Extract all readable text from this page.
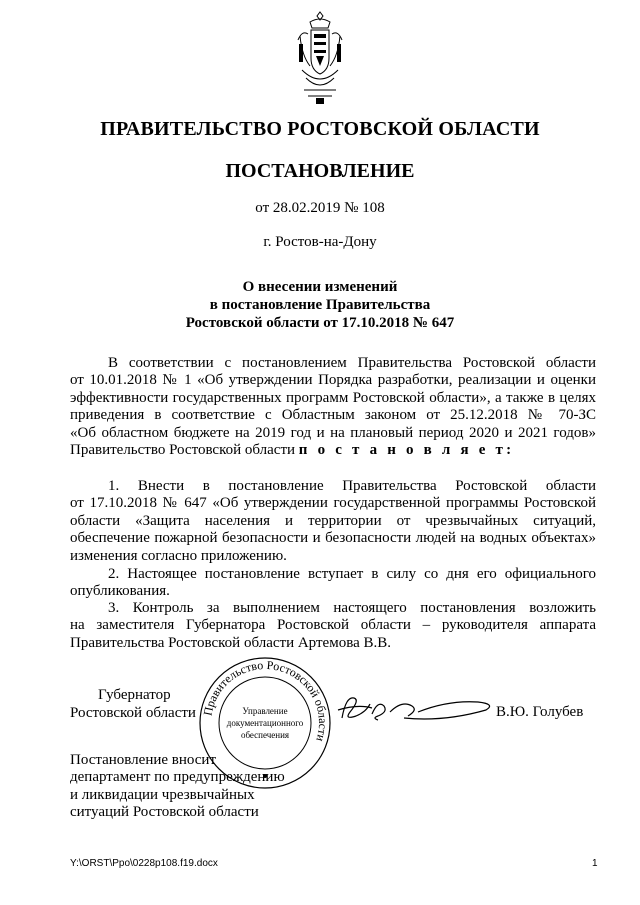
ПРАВИТЕЛЬСТВО РОСТОВСКОЙ ОБЛАСТИ
ПОСТАНОВЛЕНИЕ
от 28.02.2019 № 108
г. Ростов-на-Дону
О внесении изменений
в постановление Правительства
Ростовской области от 17.10.2018 № 647
В соответствии с постановлением Правительства Ростовской области
от 10.01.2018 № 1 «Об утверждении Порядка разработки, реализации и оценки
эффективности государственных программ Ростовской области», а также в целях
приведения в соответствие с Областным законом от 25.12.2018 № 70-ЗС
«Об областном бюджете на 2019 год и на плановый период 2020 и 2021 годов»
Правительство Ростовской области п о с т а н о в л я е т:
1. Внести в постановление Правительства Ростовской области
от 17.10.2018 № 647 «Об утверждении государственной программы Ростовской
области «Защита населения и территории от чрезвычайных ситуаций,
обеспечение пожарной безопасности и безопасности людей на водных объектах»
изменения согласно приложению.
2. Настоящее постановление вступает в силу со дня его официального
опубликования.
3. Контроль за выполнением настоящего постановления возложить
на заместителя Губернатора Ростовской области – руководителя аппарата
Правительства Ростовской области Артемова В.В.
Губернатор
Ростовской области Правительство Ростовской области
Управление
документационного
обеспечения
В.Ю. Голубев
Постановление вносит
департамент по предупреждению
и ликвидации чрезвычайных
ситуаций Ростовской области
Y:\ORST\Ppo\0228p108.f19.docx	1
